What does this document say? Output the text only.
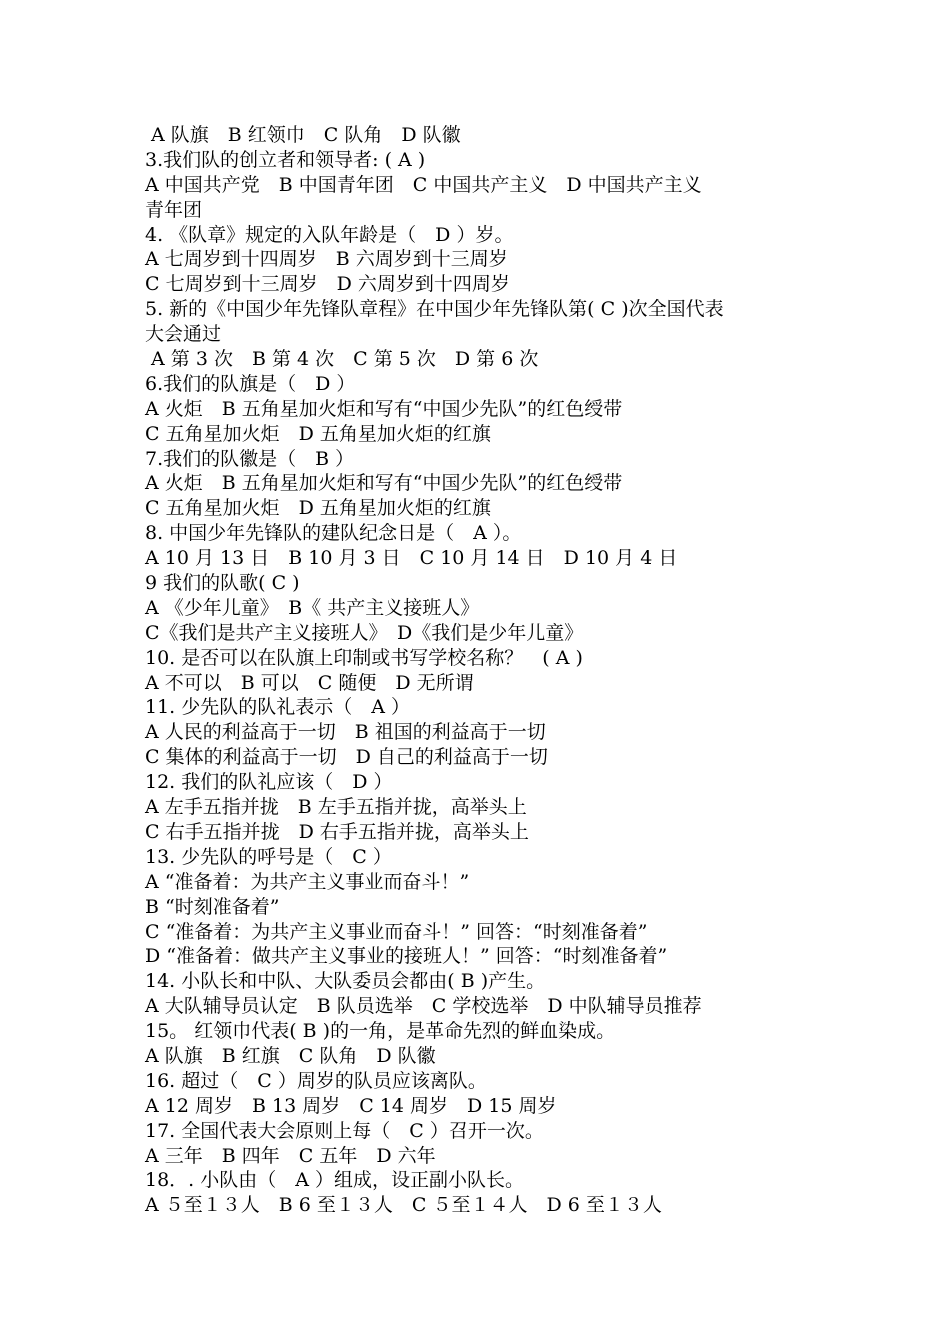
A 队旗　B 红领巾　C 队角　D 队徽
3.我们队的创立者和领导者: ( A )
A 中国共产党　B 中国青年团　C 中国共产主义　D 中国共产主义
青年团
4. 《队章》规定的入队年龄是（　D ）岁。
A 七周岁到十四周岁　B 六周岁到十三周岁
C 七周岁到十三周岁　D 六周岁到十四周岁
5. 新的《中国少年先锋队章程》在中国少年先锋队第( C )次全国代表
大会通过
A 第 3 次　B 第 4 次　C 第 5 次　D 第 6 次
6.我们的队旗是（　D ）
A 火炬　B 五角星加火炬和写有“中国少先队”的红色绶带
C 五角星加火炬　D 五角星加火炬的红旗
7.我们的队徽是（　B ）
A 火炬　B 五角星加火炬和写有“中国少先队”的红色绶带
C 五角星加火炬　D 五角星加火炬的红旗
8. 中国少年先锋队的建队纪念日是（　A ）。
A 10 月 13 日　B 10 月 3 日　C 10 月 14 日　D 10 月 4 日
9 我们的队歌( C )
A 《少年儿童》　B《 共产主义接班人》
C《我们是共产主义接班人》　D《我们是少年儿童》
10. 是否可以在队旗上印制或书写学校名称？　( A )
A 不可以　B 可以　C 随便　D 无所谓
11. 少先队的队礼表示（　A ）
A 人民的利益高于一切　B 祖国的利益高于一切
C 集体的利益高于一切　D 自己的利益高于一切
12. 我们的队礼应该（　D ）
A 左手五指并拢　B 左手五指并拢，高举头上
C 右手五指并拢　D 右手五指并拢，高举头上
13. 少先队的呼号是（　C ）
A “准备着：为共产主义事业而奋斗！”
B “时刻准备着”
C “准备着：为共产主义事业而奋斗！” 回答：“时刻准备着”
D “准备着：做共产主义事业的接班人！” 回答：“时刻准备着”
14. 小队长和中队、大队委员会都由( B )产生。
A 大队辅导员认定　B 队员选举　C 学校选举　D 中队辅导员推荐
15。 红领巾代表( B )的一角，是革命先烈的鲜血染成。
A 队旗　B 红旗　C 队角　D 队徽
16. 超过（　C ）周岁的队员应该离队。
A 12 周岁　B 13 周岁　C 14 周岁　D 15 周岁
17. 全国代表大会原则上每（　C ）召开一次。
A 三年　B 四年　C 五年　D 六年
18．. 小队由（　A ）组成，设正副小队长。
A ５至１３人　B 6 至１３人　C ５至１４人　D 6 至１３人
